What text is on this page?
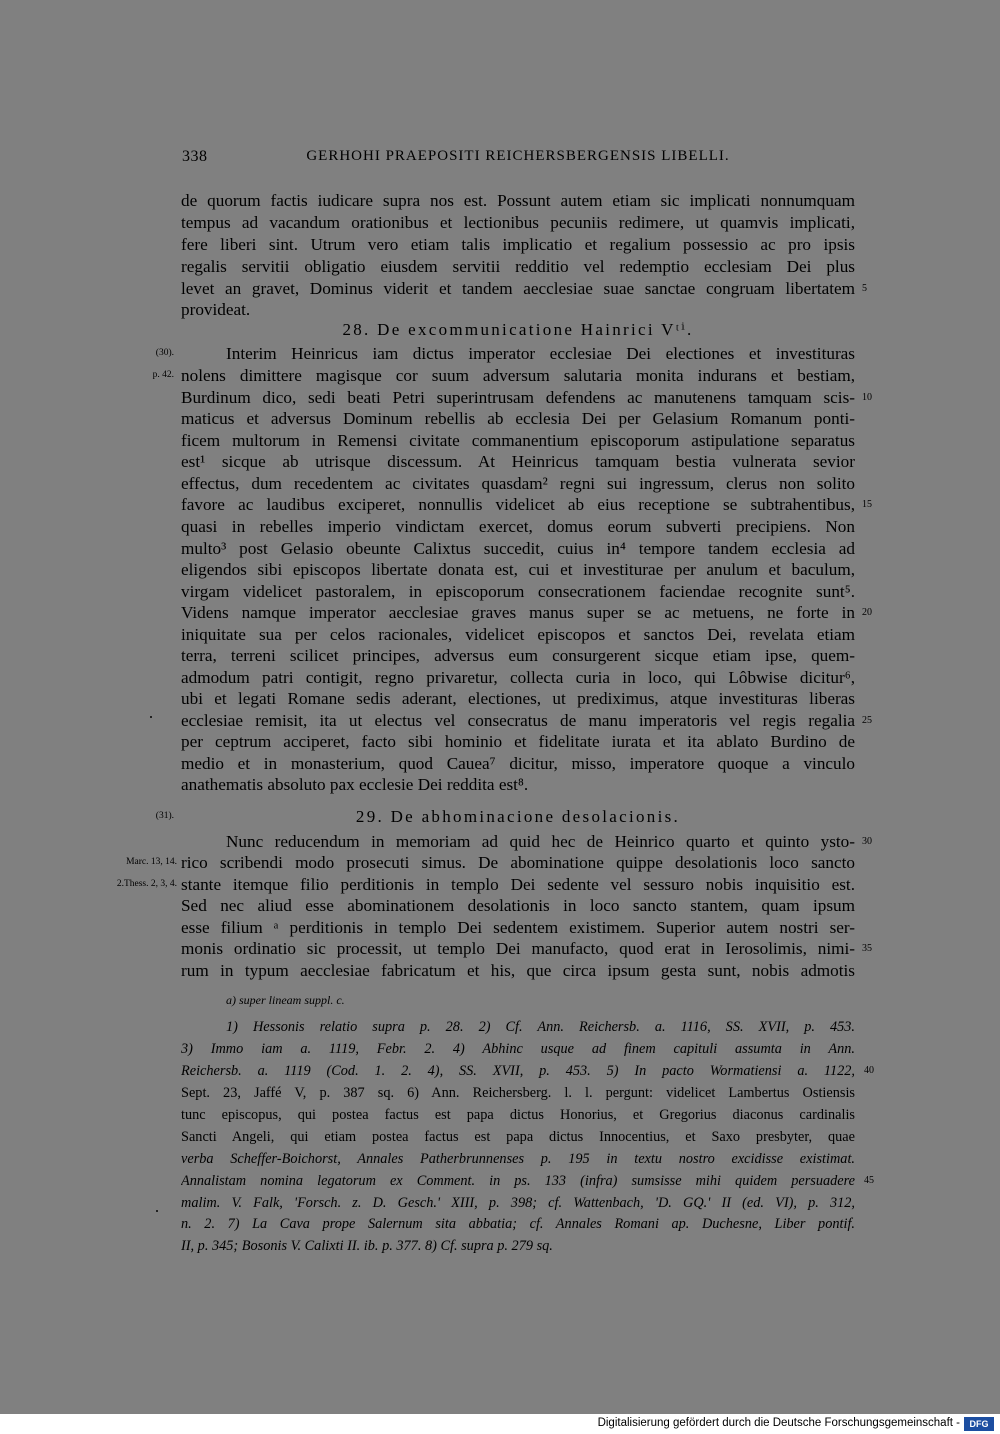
338	GERHOHI PRAEPOSITI REICHERSBERGENSIS LIBELLI.
de quorum factis iudicare supra nos est. Possunt autem etiam sic implicati nonnumquam
tempus ad vacandum orationibus et lectionibus pecuniis redimere, ut quamvis implicati,
fere liberi sint. Utrum vero etiam talis implicatio et regalium possessio ac pro ipsis
regalis servitii obligatio eiusdem servitii redditio vel redemptio ecclesiam Dei plus
levet an gravet, Dominus viderit et tandem aecclesiae suae sanctae congruam libertatem
provideat.
28. De excommunicatione Hainrici Vᵗⁱ.
Interim Heinricus iam dictus imperator ecclesiae Dei electiones et investituras
nolens dimittere magisque cor suum adversum salutaria monita indurans et bestiam,
Burdinum dico, sedi beati Petri superintrusam defendens ac manutenens tamquam scis-
maticus et adversus Dominum rebellis ab ecclesia Dei per Gelasium Romanum ponti-
ficem multorum in Remensi civitate commanentium episcoporum astipulatione separatus
est¹ sicque ab utrisque discessum. At Heinricus tamquam bestia vulnerata sevior
effectus, dum recedentem ac civitates quasdam² regni sui ingressum, clerus non solito
favore ac laudibus exciperet, nonnullis videlicet ab eius receptione se subtrahentibus,
quasi in rebelles imperio vindictam exercet, domus eorum subverti precipiens. Non
multo³ post Gelasio obeunte Calixtus succedit, cuius in⁴ tempore tandem ecclesia ad
eligendos sibi episcopos libertate donata est, cui et investiturae per anulum et baculum,
virgam videlicet pastoralem, in episcoporum consecrationem faciendae recognite sunt⁵.
Videns namque imperator aecclesiae graves manus super se ac metuens, ne forte in
iniquitate sua per celos racionales, videlicet episcopos et sanctos Dei, revelata etiam
terra, terreni scilicet principes, adversus eum consurgerent sicque etiam ipse, quem-
admodum patri contigit, regno privaretur, collecta curia in loco, qui Lôbwise dicitur⁶,
ubi et legati Romane sedis aderant, electiones, ut prediximus, atque investituras liberas
ecclesiae remisit, ita ut electus vel consecratus de manu imperatoris vel regis regalia
per ceptrum acciperet, facto sibi hominio et fidelitate iurata et ita ablato Burdino de
medio et in monasterium, quod Cauea⁷ dicitur, misso, imperatore quoque a vinculo
anathematis absoluto pax ecclesie Dei reddita est⁸.
29. De abhominacione desolacionis.
Nunc reducendum in memoriam ad quid hec de Heinrico quarto et quinto ysto-
rico scribendi modo prosecuti simus. De abominatione quippe desolationis loco sancto
stante itemque filio perditionis in templo Dei sedente vel sessuro nobis inquisitio est.
Sed nec aliud esse abominationem desolationis in loco sancto stantem, quam ipsum
esse filium ᵃ perditionis in templo Dei sedentem existimem. Superior autem nostri ser-
monis ordinatio sic processit, ut templo Dei manufacto, quod erat in Ierosolimis, nimi-
rum in typum aecclesiae fabricatum et his, que circa ipsum gesta sunt, nobis admotis
5
10
15
20
25
30
35
(30).
p. 42.
(31).
Marc. 13, 14.
2.Thess. 2, 3, 4.
a) super lineam suppl. c.
1) Hessonis relatio supra p. 28. 2) Cf. Ann. Reichersb. a. 1116, SS. XVII, p. 453.
3) Immo iam a. 1119, Febr. 2. 4) Abhinc usque ad finem capituli assumta in Ann.
Reichersb. a. 1119 (Cod. 1. 2. 4), SS. XVII, p. 453. 5) In pacto Wormatiensi a. 1122,
Sept. 23, Jaffé V, p. 387 sq. 6) Ann. Reichersberg. l. l. pergunt: videlicet Lambertus Ostiensis
tunc episcopus, qui postea factus est papa dictus Honorius, et Gregorius diaconus cardinalis
Sancti Angeli, qui etiam postea factus est papa dictus Innocentius, et Saxo presbyter, quae
verba Scheffer-Boichorst, Annales Patherbrunnenses p. 195 in textu nostro excidisse existimat.
Annalistam nomina legatorum ex Comment. in ps. 133 (infra) sumsisse mihi quidem persuadere
malim. V. Falk, 'Forsch. z. D. Gesch.' XIII, p. 398; cf. Wattenbach, 'D. GQ.' II (ed. VI), p. 312,
n. 2. 7) La Cava prope Salernum sita abbatia; cf. Annales Romani ap. Duchesne, Liber pontif.
II, p. 345; Bosonis V. Calixti II. ib. p. 377. 8) Cf. supra p. 279 sq.
40
45
Digitalisierung gefördert durch die Deutsche Forschungsgemeinschaft -	DFG
